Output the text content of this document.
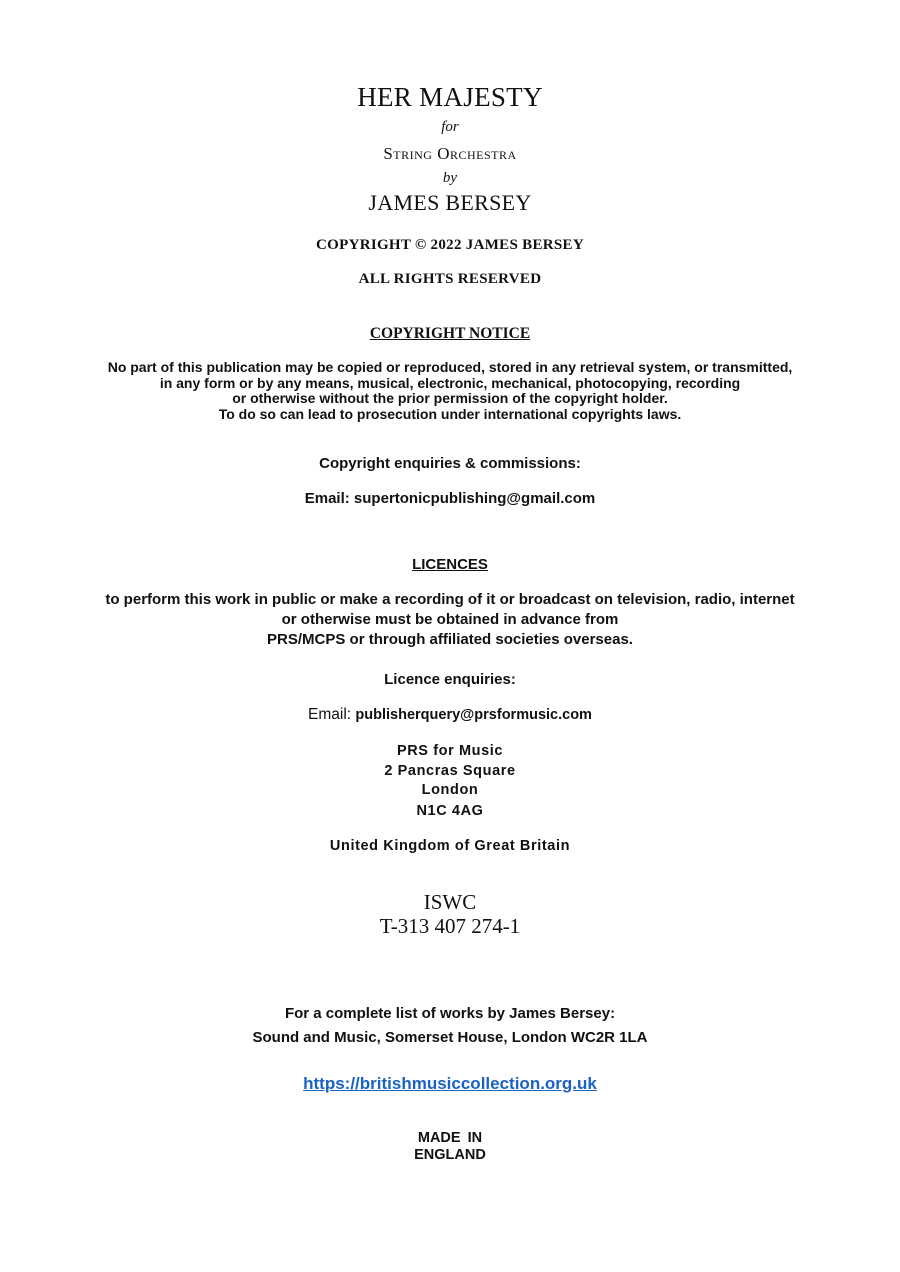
HER MAJESTY
for
String Orchestra
by
JAMES BERSEY
COPYRIGHT © 2022 JAMES BERSEY
ALL RIGHTS RESERVED
COPYRIGHT NOTICE
No part of this publication may be copied or reproduced, stored in any retrieval system, or transmitted,
in any form or by any means, musical, electronic, mechanical, photocopying, recording
or otherwise without the prior permission of the copyright holder.
To do so can lead to prosecution under international copyrights laws.
Copyright enquiries & commissions:
Email: supertonicpublishing@gmail.com
LICENCES
to perform this work in public or make a recording of it or broadcast on television, radio, internet
or otherwise must be obtained in advance from
PRS/MCPS or through affiliated societies overseas.
Licence enquiries:
Email: publisherquery@prsformusic.com
PRS for Music
2 Pancras Square
London
N1C 4AG
United Kingdom of Great Britain
ISWC
T-313 407 274-1
For a complete list of works by James Bersey:
Sound and Music, Somerset House, London WC2R 1LA
https://britishmusiccollection.org.uk
MADE IN
ENGLAND
